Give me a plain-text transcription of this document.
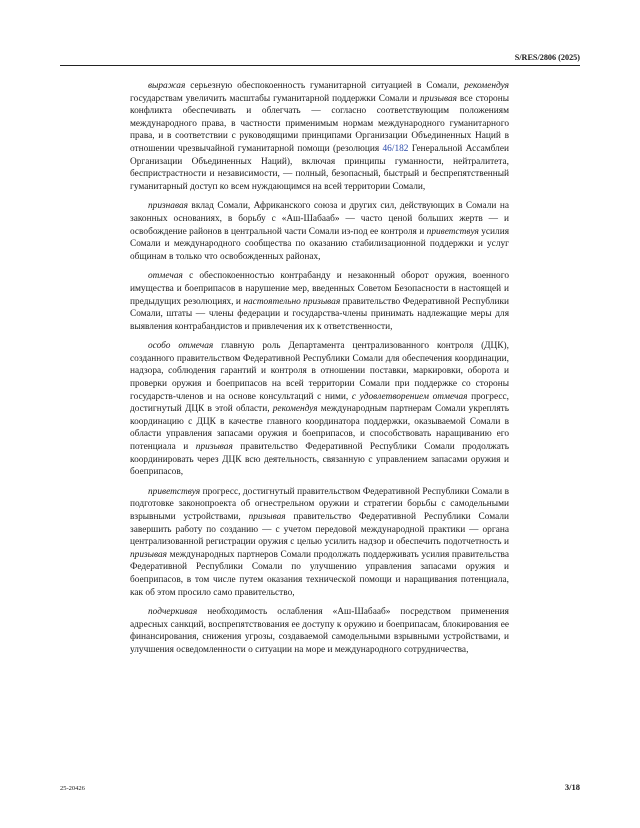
S/RES/2806 (2025)

выражая серьезную обеспокоенность гуманитарной ситуацией в Сомали, рекомендуя государствам увеличить масштабы гуманитарной поддержки Сомали и призывая все стороны конфликта обеспечивать и облегчать — согласно соответствующим положениям международного права, в частности применимым нормам международного гуманитарного права, и в соответствии с руководящими принципами Организации Объединенных Наций в отношении чрезвычайной гуманитарной помощи (резолюция 46/182 Генеральной Ассамблеи Организации Объединенных Наций), включая принципы гуманности, нейтралитета, беспристрастности и независимости, — полный, безопасный, быстрый и беспрепятственный гуманитарный доступ ко всем нуждающимся на всей территории Сомали,

признавая вклад Сомали, Африканского союза и других сил, действующих в Сомали на законных основаниях, в борьбу с «Аш-Шабааб» — часто ценой больших жертв — и освобождение районов в центральной части Сомали из-под ее контроля и приветствуя усилия Сомали и международного сообщества по оказанию стабилизационной поддержки и услуг общинам в только что освобожденных районах,

отмечая с обеспокоенностью контрабанду и незаконный оборот оружия, военного имущества и боеприпасов в нарушение мер, введенных Советом Безопасности в настоящей и предыдущих резолюциях, и настоятельно призывая правительство Федеративной Республики Сомали, штаты — члены федерации и государства-члены принимать надлежащие меры для выявления контрабандистов и привлечения их к ответственности,

особо отмечая главную роль Департамента централизованного контроля (ДЦК), созданного правительством Федеративной Республики Сомали для обеспечения координации, надзора, соблюдения гарантий и контроля в отношении поставки, маркировки, оборота и проверки оружия и боеприпасов на всей территории Сомали при поддержке со стороны государств-членов и на основе консультаций с ними, с удовлетворением отмечая прогресс, достигнутый ДЦК в этой области, рекомендуя международным партнерам Сомали укреплять координацию с ДЦК в качестве главного координатора поддержки, оказываемой Сомали в области управления запасами оружия и боеприпасов, и способствовать наращиванию его потенциала и призывая правительство Федеративной Республики Сомали продолжать координировать через ДЦК всю деятельность, связанную с управлением запасами оружия и боеприпасов,

приветствуя прогресс, достигнутый правительством Федеративной Республики Сомали в подготовке законопроекта об огнестрельном оружии и стратегии борьбы с самодельными взрывными устройствами, призывая правительство Федеративной Республики Сомали завершить работу по созданию — с учетом передовой международной практики — органа централизованной регистрации оружия с целью усилить надзор и обеспечить подотчетность и призывая международных партнеров Сомали продолжать поддерживать усилия правительства Федеративной Республики Сомали по улучшению управления запасами оружия и боеприпасов, в том числе путем оказания технической помощи и наращивания потенциала, как об этом просило само правительство,

подчеркивая необходимость ослабления «Аш-Шабааб» посредством применения адресных санкций, воспрепятствования ее доступу к оружию и боеприпасам, блокирования ее финансирования, снижения угрозы, создаваемой самодельными взрывными устройствами, и улучшения осведомленности о ситуации на море и международного сотрудничества,

25-20426	3/18
